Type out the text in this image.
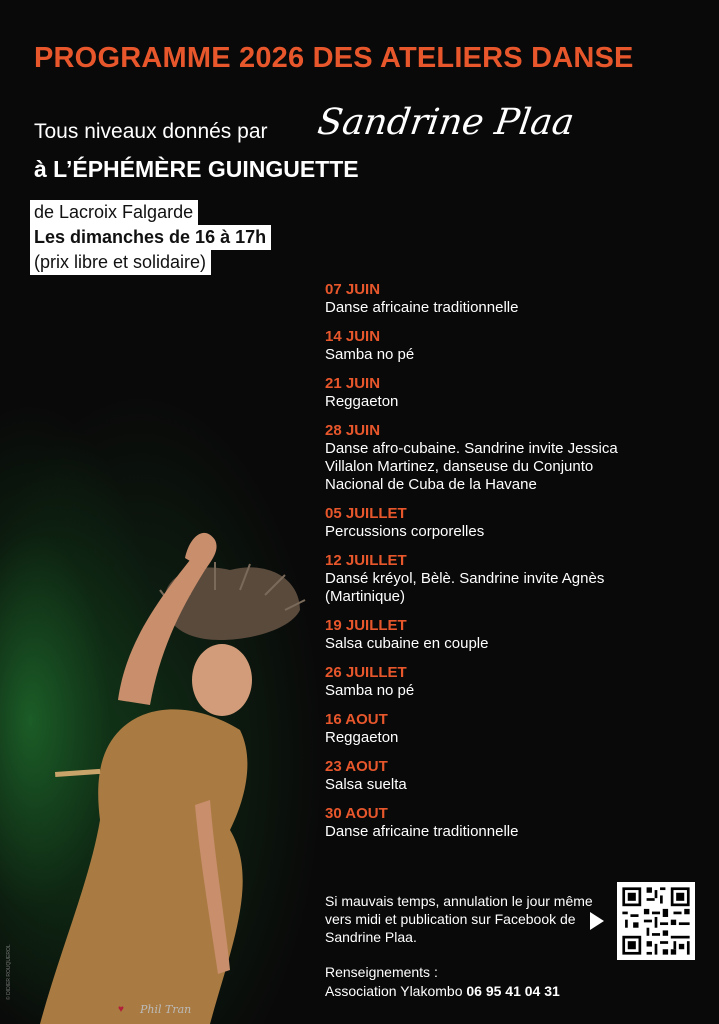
PROGRAMME 2026 DES ATELIERS DANSE
Tous niveaux donnés par Sandrine Plaa
à L’ÉPHÉMÈRE GUINGUETTE
de Lacroix Falgarde
Les dimanches de 16 à 17h
(prix libre et solidaire)
07 JUIN
Danse africaine traditionnelle
14 JUIN
Samba no pé
21 JUIN
Reggaeton
28 JUIN
Danse afro-cubaine. Sandrine invite Jessica Villalon Martinez, danseuse du Conjunto Nacional de Cuba de la Havane
05 JUILLET
Percussions corporelles
12 JUILLET
Dansé kréyol, Bèlè. Sandrine invite Agnès (Martinique)
19 JUILLET
Salsa cubaine en couple
26 JUILLET
Samba no pé
16 AOUT
Reggaeton
23 AOUT
Salsa suelta
30 AOUT
Danse africaine traditionnelle
Si mauvais temps, annulation le jour même vers midi et publication sur Facebook de Sandrine Plaa.
Renseignements :
Association Ylakombo 06 95 41 04 31
© DIDIER ROUQUEROL
♥ Phil Tran
